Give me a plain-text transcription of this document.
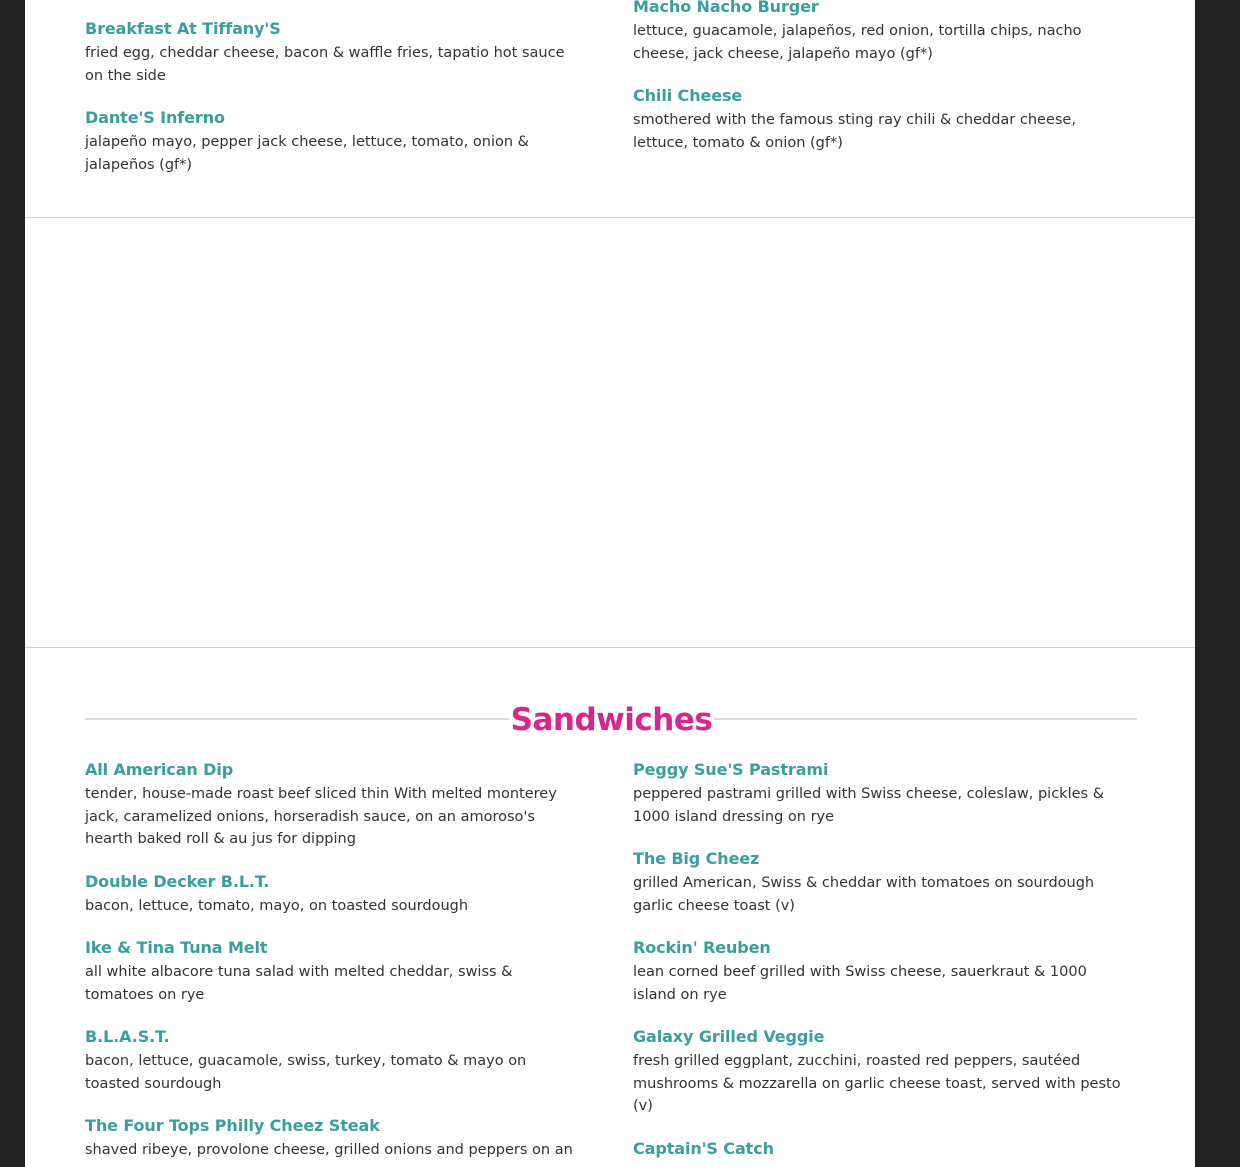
Breakfast At Tiffany'S

fried egg, cheddar cheese, bacon & waffle fries, tapatio hot sauce on the side

Dante'S Inferno

jalapeño mayo, pepper jack cheese, lettuce, tomato, onion & jalapeños (gf*)

Macho Nacho Burger

lettuce, guacamole, jalapeños, red onion, tortilla chips, nacho cheese, jack cheese, jalapeño mayo (gf*)

Chili Cheese

smothered with the famous sting ray chili & cheddar cheese, lettuce, tomato & onion (gf*)

Sandwiches

All American Dip

tender, house-made roast beef sliced thin With melted monterey jack, caramelized onions, horseradish sauce, on an amoroso's hearth baked roll & au jus for dipping

Double Decker B.L.T.

bacon, lettuce, tomato, mayo, on toasted sourdough

Ike & Tina Tuna Melt

all white albacore tuna salad with melted cheddar, swiss & tomatoes on rye

B.L.A.S.T.

bacon, lettuce, guacamole, swiss, turkey, tomato & mayo on toasted sourdough

The Four Tops Philly Cheez Steak

shaved ribeye, provolone cheese, grilled onions and peppers on an

Peggy Sue'S Pastrami

peppered pastrami grilled with Swiss cheese, coleslaw, pickles & 1000 island dressing on rye

The Big Cheez

grilled American, Swiss & cheddar with tomatoes on sourdough garlic cheese toast (v)

Rockin' Reuben

lean corned beef grilled with Swiss cheese, sauerkraut & 1000 island on rye

Galaxy Grilled Veggie

fresh grilled eggplant, zucchini, roasted red peppers, sautéed mushrooms & mozzarella on garlic cheese toast, served with pesto (v)

Captain'S Catch
